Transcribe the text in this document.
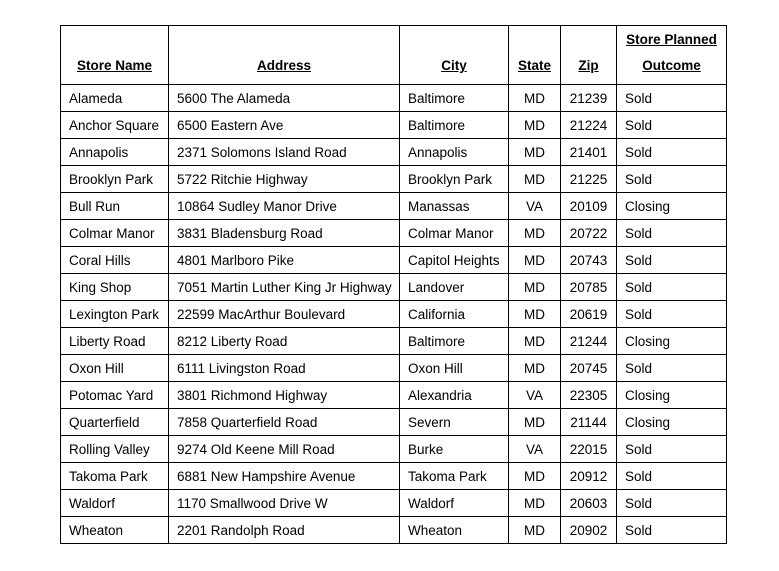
Store Name	Address	City	State	Zip	Store Planned
Outcome

Alameda	5600 The Alameda	Baltimore	MD	21239	Sold
Anchor Square	6500 Eastern Ave	Baltimore	MD	21224	Sold
Annapolis	2371 Solomons Island Road	Annapolis	MD	21401	Sold
Brooklyn Park	5722 Ritchie Highway	Brooklyn Park	MD	21225	Sold
Bull Run	10864 Sudley Manor Drive	Manassas	VA	20109	Closing
Colmar Manor	3831 Bladensburg Road	Colmar Manor	MD	20722	Sold
Coral Hills	4801 Marlboro Pike	Capitol Heights	MD	20743	Sold
King Shop	7051 Martin Luther King Jr Highway	Landover	MD	20785	Sold
Lexington Park	22599 MacArthur Boulevard	California	MD	20619	Sold
Liberty Road	8212 Liberty Road	Baltimore	MD	21244	Closing
Oxon Hill	6111 Livingston Road	Oxon Hill	MD	20745	Sold
Potomac Yard	3801 Richmond Highway	Alexandria	VA	22305	Closing
Quarterfield	7858 Quarterfield Road	Severn	MD	21144	Closing
Rolling Valley	9274 Old Keene Mill Road	Burke	VA	22015	Sold
Takoma Park	6881 New Hampshire Avenue	Takoma Park	MD	20912	Sold
Waldorf	1170 Smallwood Drive W	Waldorf	MD	20603	Sold
Wheaton	2201 Randolph Road	Wheaton	MD	20902	Sold
